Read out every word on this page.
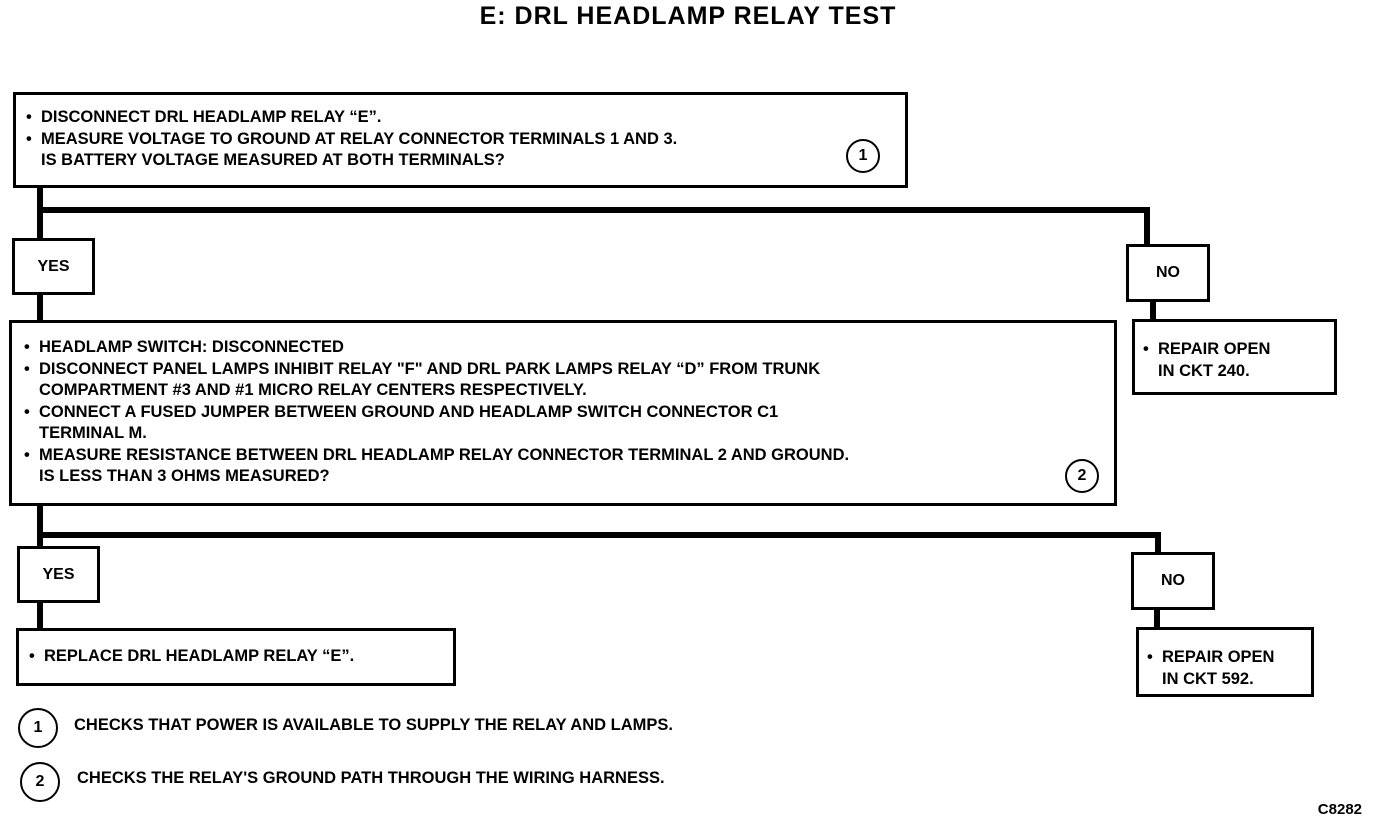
E: DRL HEADLAMP RELAY TEST
• DISCONNECT DRL HEADLAMP RELAY “E”.
• MEASURE VOLTAGE TO GROUND AT RELAY CONNECTOR TERMINALS 1 AND 3.
IS BATTERY VOLTAGE MEASURED AT BOTH TERMINALS?	1
YES	NO
• REPAIR OPEN
IN CKT 240.
• HEADLAMP SWITCH: DISCONNECTED
• DISCONNECT PANEL LAMPS INHIBIT RELAY "F" AND DRL PARK LAMPS RELAY “D” FROM TRUNK
COMPARTMENT #3 AND #1 MICRO RELAY CENTERS RESPECTIVELY.
• CONNECT A FUSED JUMPER BETWEEN GROUND AND HEADLAMP SWITCH CONNECTOR C1
TERMINAL M.
• MEASURE RESISTANCE BETWEEN DRL HEADLAMP RELAY CONNECTOR TERMINAL 2 AND GROUND.
IS LESS THAN 3 OHMS MEASURED?	2
YES	NO
• REPLACE DRL HEADLAMP RELAY “E”.
•	REPAIR OPEN
IN CKT 592.
1	CHECKS THAT POWER IS AVAILABLE TO SUPPLY THE RELAY AND LAMPS.
2	CHECKS THE RELAY'S GROUND PATH THROUGH THE WIRING HARNESS.
C8282
